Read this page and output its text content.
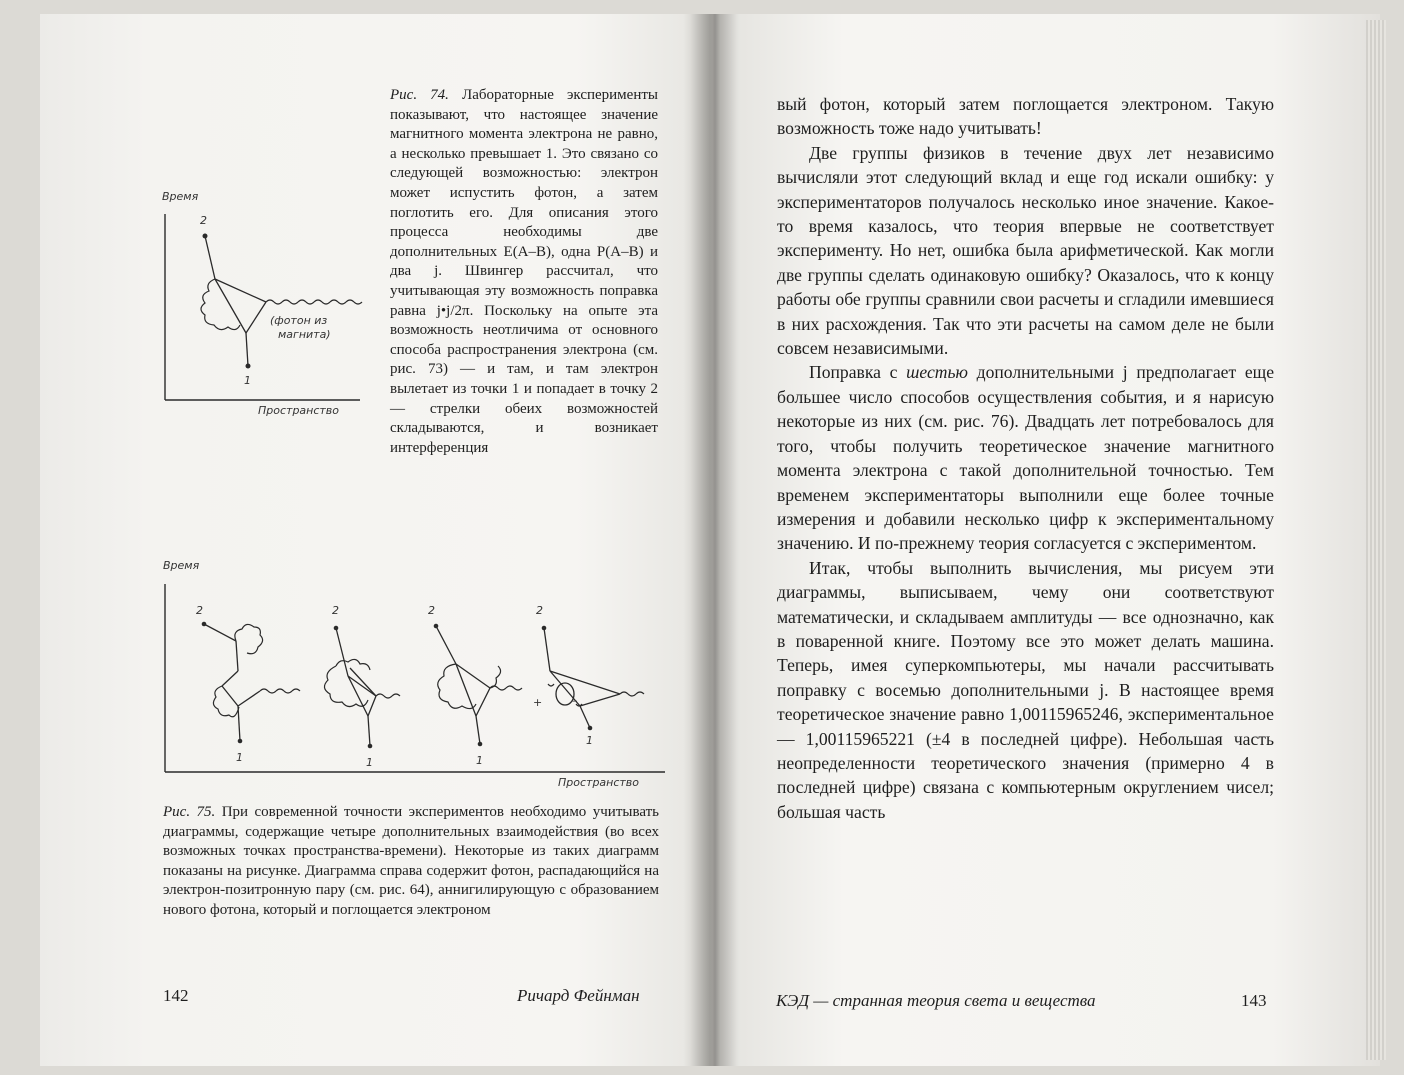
Время
Пространство
2
1
(фотон из
магнита)

Рис. 74. Лабораторные эксперименты показывают, что настоящее значение магнитного момента электрона не равно, а несколько превышает 1. Это связано со следующей возможностью: электрон может испустить фотон, а затем поглотить его. Для описания этого процесса необходимы две дополнительных E(A–B), одна P(A–B) и два j. Швингер рассчитал, что учитывающая эту возможность поправка равна j•j/2π. Поскольку на опыте эта возможность неотличима от основного способа распространения электрона (см. рис. 73) — и там, и там электрон вылетает из точки 1 и попадает в точку 2 — стрелки обеих возможностей складываются, и возникает интерференция

Время
Пространство
2
1
2
1
2
1
2
1
+	–

Рис. 75. При современной точности экспериментов необходимо учитывать диаграммы, содержащие четыре дополнительных взаимодействия (во всех возможных точках пространства-времени). Некоторые из таких диаграмм показаны на рисунке. Диаграмма справа содержит фотон, распадающийся на электрон-позитронную пару (см. рис. 64), аннигилирующую с образованием нового фотона, который и поглощается электроном

142	Ричард Фейнман

вый фотон, который затем поглощается электроном. Такую возможность тоже надо учитывать!

Две группы физиков в течение двух лет независимо вычисляли этот следующий вклад и еще год искали ошибку: у экспериментаторов получалось несколько иное значение. Какое-то время казалось, что теория впервые не соответствует эксперименту. Но нет, ошибка была арифметической. Как могли две группы сделать одинаковую ошибку? Оказалось, что к концу работы обе группы сравнили свои расчеты и сгладили имевшиеся в них расхождения. Так что эти расчеты на самом деле не были совсем независимыми.

Поправка с шестью дополнительными j предполагает еще большее число способов осуществления события, и я нарисую некоторые из них (см. рис. 76). Двадцать лет потребовалось для того, чтобы получить теоретическое значение магнитного момента электрона с такой дополнительной точностью. Тем временем экспериментаторы выполнили еще более точные измерения и добавили несколько цифр к экспериментальному значению. И по-прежнему теория согласуется с экспериментом.

Итак, чтобы выполнить вычисления, мы рисуем эти диаграммы, выписываем, чему они соответствуют математически, и складываем амплитуды — все однозначно, как в поваренной книге. Поэтому все это может делать машина. Теперь, имея суперкомпьютеры, мы начали рассчитывать поправку с восемью дополнительными j. В настоящее время теоретическое значение равно 1,00115965246, экспериментальное — 1,00115965221 (±4 в последней цифре). Небольшая часть неопределенности теоретического значения (примерно 4 в последней цифре) связана с компьютерным округлением чисел; большая часть

КЭД — странная теория света и вещества	143
